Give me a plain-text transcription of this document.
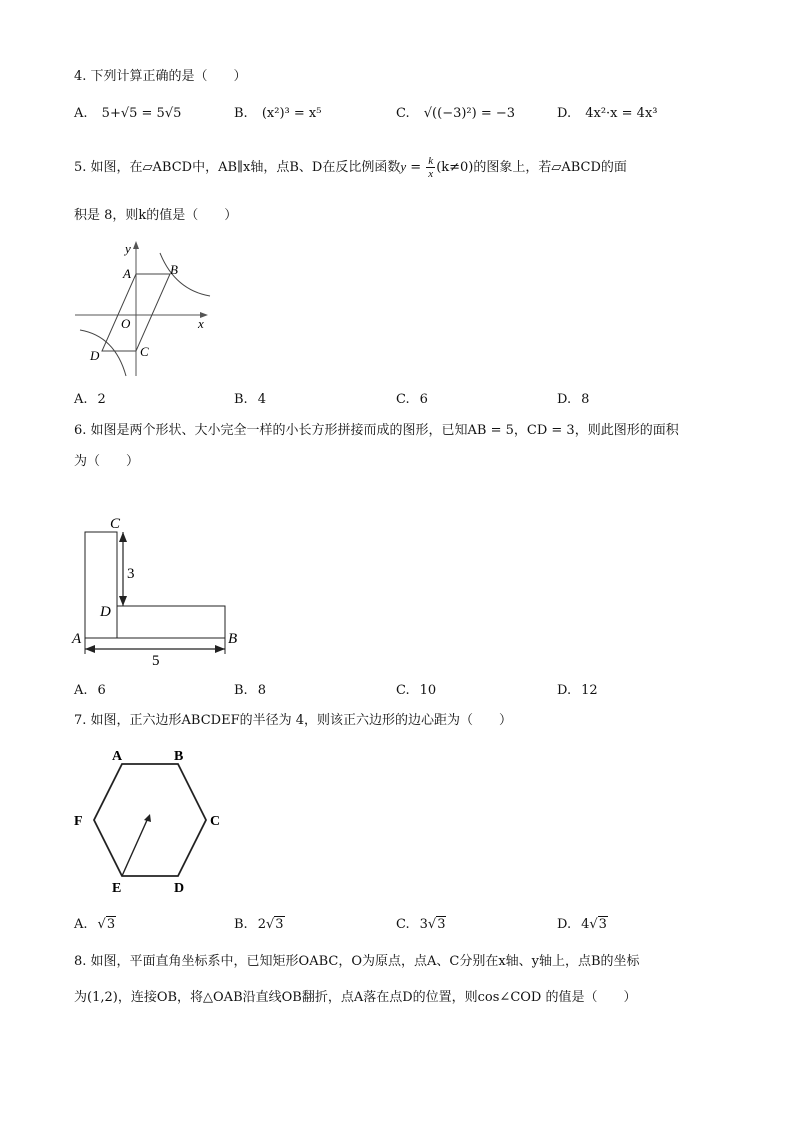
4. 下列计算正确的是（　　）
A. 5+√5 = 5√5	B. (x²)³ = x⁵	C. √((−3)²) = −3	D. 4x²·x = 4x³
5. 如图，在▱ABCD中，AB∥x轴，点B、D在反比例函数$y = \frac{k}{x} (k\ne 0)$的图象上，若▱ABCD的面
积是 8，则k的值是（　　）
y
x
A	B
O
D	C
A. 2	B. 4	C. 6	D. 8
6. 如图是两个形状、大小完全一样的小长方形拼接而成的图形，已知AB = 5，CD = 3，则此图形的面积
为（　　）
C
D
A	B
3
5
A. 6	B. 8	C. 10	D. 12
7. 如图，正六边形ABCDEF的半径为 4，则该正六边形的边心距为（　　）
A	B
C
D
E
F
A. √3	B. 2√3	C. 3√3	D. 4√3
8. 如图，平面直角坐标系中，已知矩形OABC，O为原点，点A、C分别在x轴、y轴上，点B的坐标
为(1,2)，连接OB，将△OAB沿直线OB翻折，点A落在点D的位置，则cos∠COD 的值是（　　）
